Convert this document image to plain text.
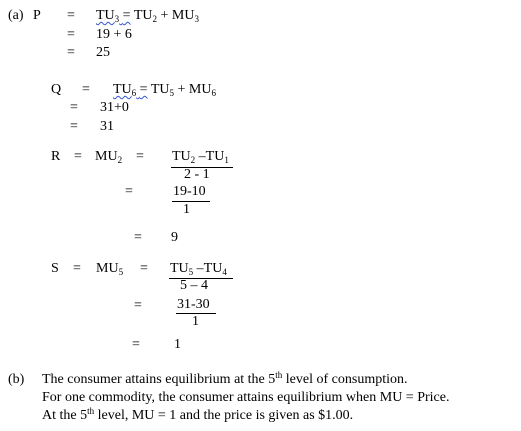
(a) $P = TU_3 = TU_2 + MU_3$
= 19 + 6
= 25
$Q = TU_6 = TU_5 + MU_6$
= 31+0
= 31
$R = MU_2 = TU_2$ $-TU_1$
2 - 1
=	19-10
1
= 9
$S = MU_5 = TU_5$ $-TU_4$
5 – 4
=	31-30
1
= 1
(b) The consumer attains equilibrium at the 5th level of consumption.
For one commodity, the consumer attains equilibrium when MU = Price.
At the 5th level, MU = 1 and the price is given as $1.00.
